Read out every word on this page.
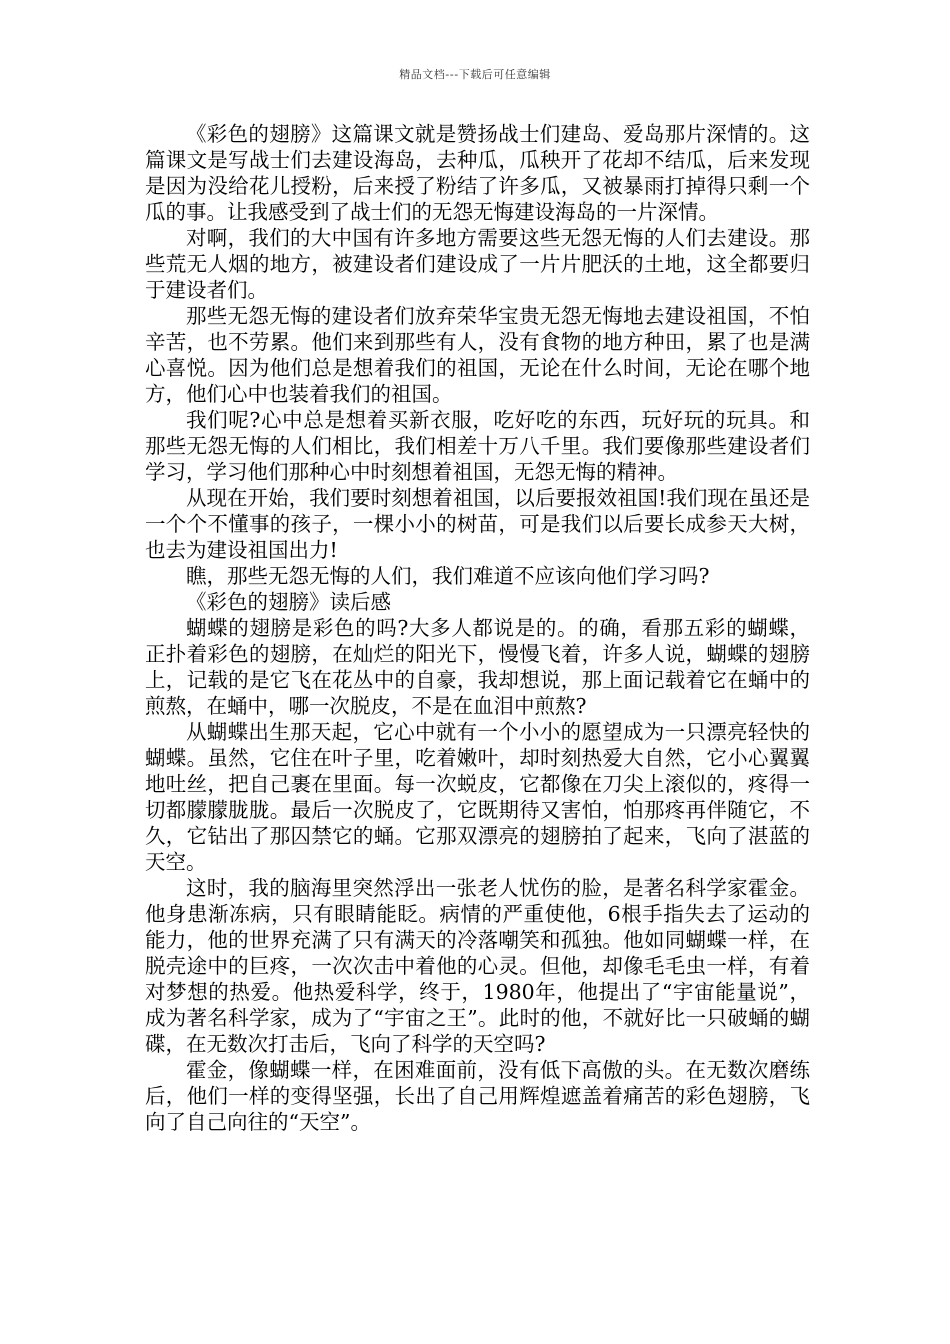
精品文档---下载后可任意编辑

《彩色的翅膀》这篇课文就是赞扬战士们建岛、爱岛那片深情的。这篇课文是写战士们去建设海岛，去种瓜，瓜秧开了花却不结瓜，后来发现是因为没给花儿授粉，后来授了粉结了许多瓜，又被暴雨打掉得只剩一个瓜的事。让我感受到了战士们的无怨无悔建设海岛的一片深情。

对啊，我们的大中国有许多地方需要这些无怨无悔的人们去建设。那些荒无人烟的地方，被建设者们建设成了一片片肥沃的土地，这全都要归于建设者们。

那些无怨无悔的建设者们放弃荣华宝贵无怨无悔地去建设祖国，不怕辛苦，也不劳累。他们来到那些有人，没有食物的地方种田，累了也是满心喜悦。因为他们总是想着我们的祖国，无论在什么时间，无论在哪个地方，他们心中也装着我们的祖国。

我们呢?心中总是想着买新衣服，吃好吃的东西，玩好玩的玩具。和那些无怨无悔的人们相比，我们相差十万八千里。我们要像那些建设者们学习，学习他们那种心中时刻想着祖国，无怨无悔的精神。

从现在开始，我们要时刻想着祖国，以后要报效祖国!我们现在虽还是一个个不懂事的孩子，一棵小小的树苗，可是我们以后要长成参天大树，也去为建设祖国出力!

瞧，那些无怨无悔的人们，我们难道不应该向他们学习吗?

《彩色的翅膀》读后感

蝴蝶的翅膀是彩色的吗?大多人都说是的。的确，看那五彩的蝴蝶，正扑着彩色的翅膀，在灿烂的阳光下，慢慢飞着，许多人说，蝴蝶的翅膀上，记载的是它飞在花丛中的自豪，我却想说，那上面记载着它在蛹中的煎熬，在蛹中，哪一次脱皮，不是在血泪中煎熬?

从蝴蝶出生那天起，它心中就有一个小小的愿望成为一只漂亮轻快的蝴蝶。虽然，它住在叶子里，吃着嫩叶，却时刻热爱大自然，它小心翼翼地吐丝，把自己裹在里面。每一次蜕皮，它都像在刀尖上滚似的，疼得一切都朦朦胧胧。最后一次脱皮了，它既期待又害怕，怕那疼再伴随它，不久，它钻出了那囚禁它的蛹。它那双漂亮的翅膀拍了起来，飞向了湛蓝的天空。

这时，我的脑海里突然浮出一张老人忧伤的脸，是著名科学家霍金。他身患渐冻病，只有眼睛能眨。病情的严重使他，6根手指失去了运动的能力，他的世界充满了只有满天的冷落嘲笑和孤独。他如同蝴蝶一样，在脱壳途中的巨疼，一次次击中着他的心灵。但他，却像毛毛虫一样，有着对梦想的热爱。他热爱科学，终于，1980年，他提出了“宇宙能量说”，成为著名科学家，成为了“宇宙之王”。此时的他，不就好比一只破蛹的蝴碟，在无数次打击后，飞向了科学的天空吗?

霍金，像蝴蝶一样，在困难面前，没有低下高傲的头。在无数次磨练后，他们一样的变得坚强，长出了自己用辉煌遮盖着痛苦的彩色翅膀，飞向了自己向往的“天空”。
